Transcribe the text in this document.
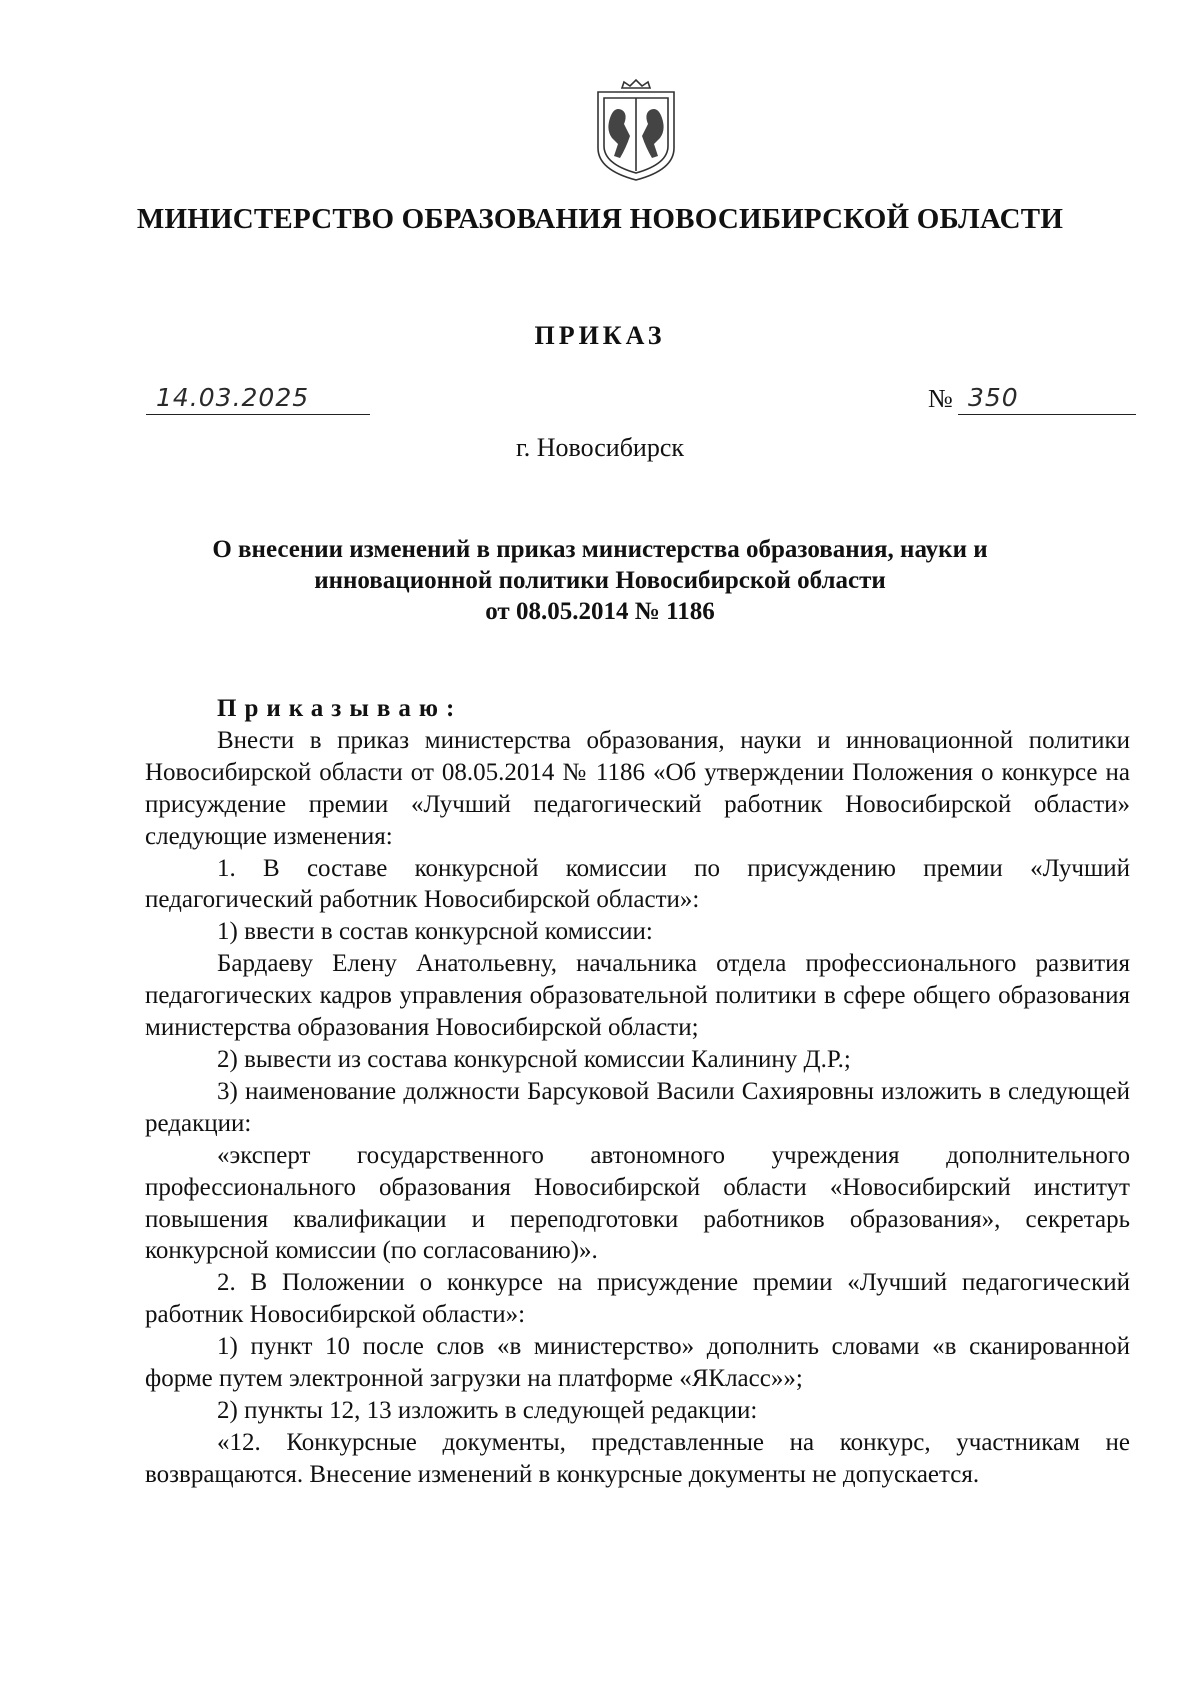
МИНИСТЕРСТВО ОБРАЗОВАНИЯ НОВОСИБИРСКОЙ ОБЛАСТИ
ПРИКАЗ
14.03.2025	№ 350
г. Новосибирск
О внесении изменений в приказ министерства образования, науки и
инновационной политики Новосибирской области
от 08.05.2014 № 1186
Приказываю:

Внести в приказ министерства образования, науки и инновационной политики Новосибирской области от 08.05.2014 № 1186 «Об утверждении Положения о конкурсе на присуждение премии «Лучший педагогический работник Новосибирской области» следующие изменения:

1. В составе конкурсной комиссии по присуждению премии «Лучший педагогический работник Новосибирской области»:

1) ввести в состав конкурсной комиссии:

Бардаеву Елену Анатольевну, начальника отдела профессионального развития педагогических кадров управления образовательной политики в сфере общего образования министерства образования Новосибирской области;

2) вывести из состава конкурсной комиссии Калинину Д.Р.;

3) наименование должности Барсуковой Васили Сахияровны изложить в следующей редакции:

«эксперт государственного автономного учреждения дополнительного профессионального образования Новосибирской области «Новосибирский институт повышения квалификации и переподготовки работников образования», секретарь конкурсной комиссии (по согласованию)».

2. В Положении о конкурсе на присуждение премии «Лучший педагогический работник Новосибирской области»:

1) пункт 10 после слов «в министерство» дополнить словами «в сканированной форме путем электронной загрузки на платформе «ЯКласс»»;

2) пункты 12, 13 изложить в следующей редакции:

«12. Конкурсные документы, представленные на конкурс, участникам не возвращаются. Внесение изменений в конкурсные документы не допускается.
